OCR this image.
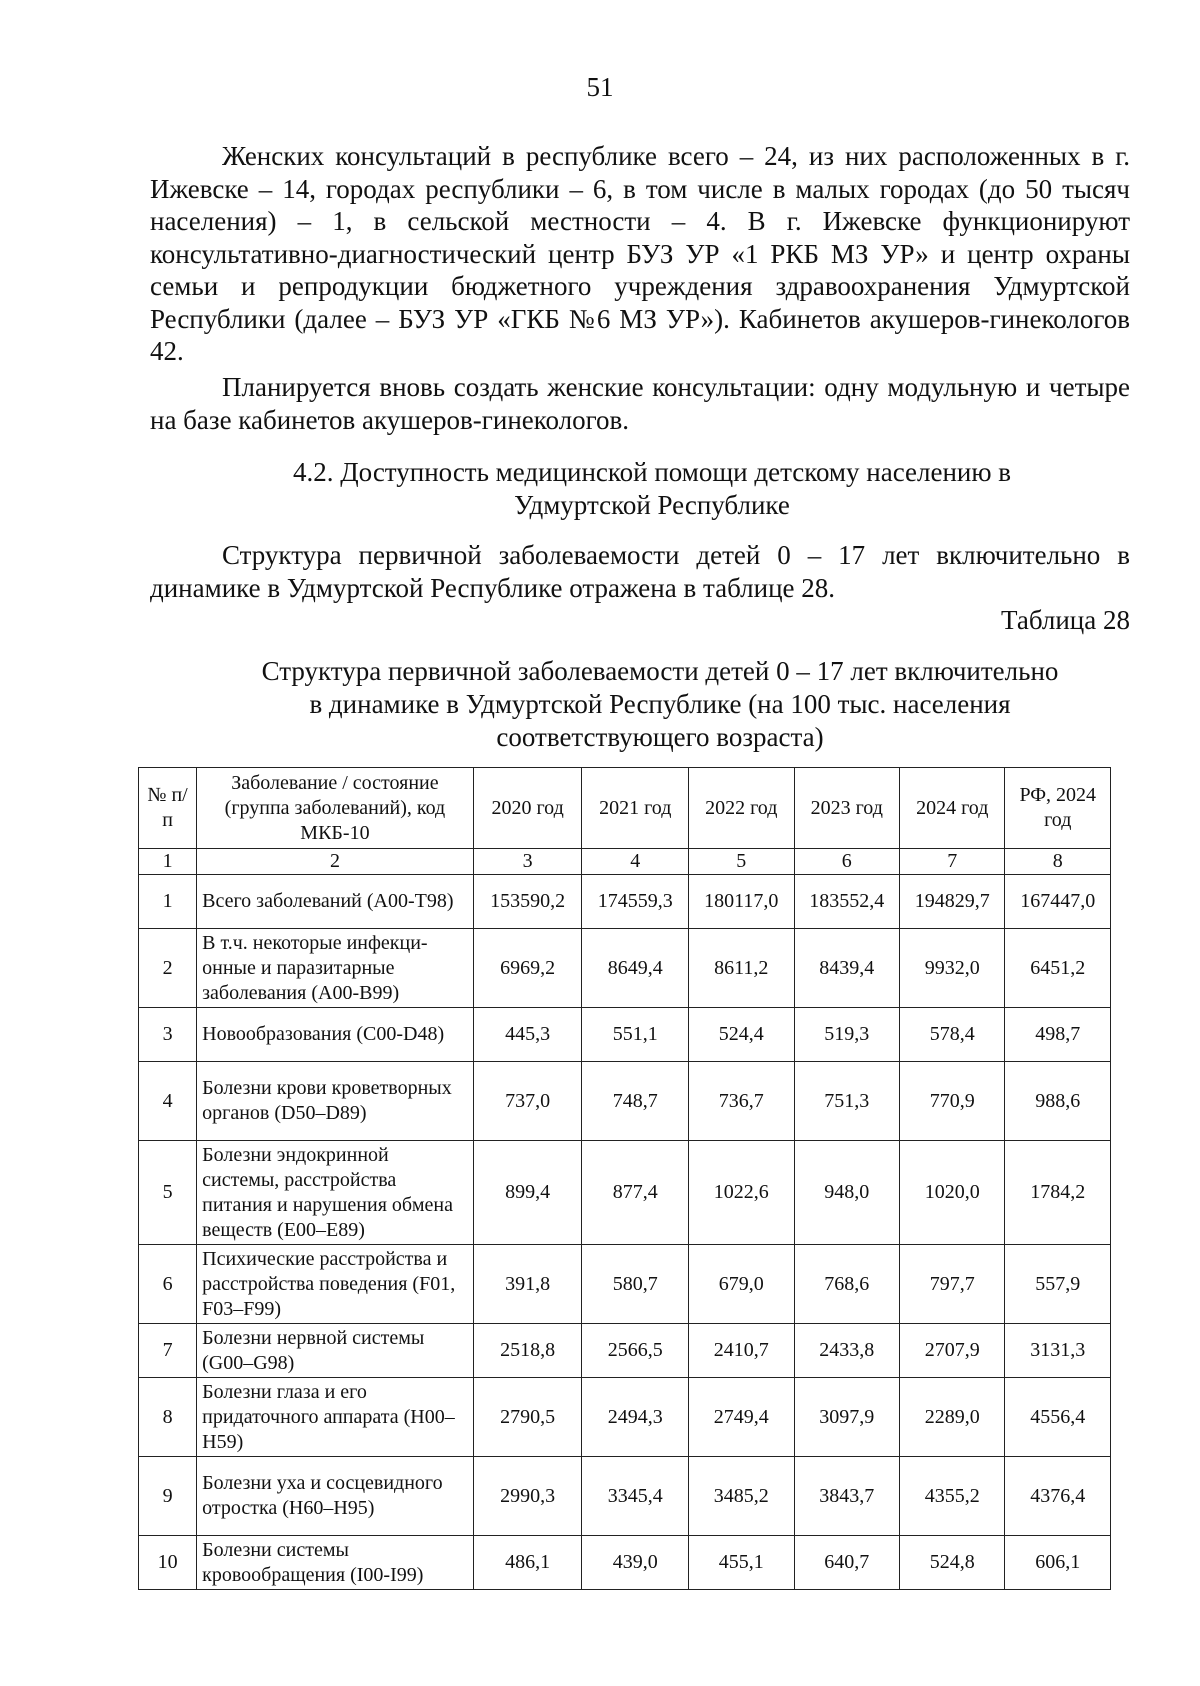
51

Женских консультаций в республике всего – 24, из них расположенных в г. Ижевске – 14, городах республики – 6, в том числе в малых городах (до 50 тысяч населения) – 1, в сельской местности – 4. В г. Ижевске функционируют консультативно-диагностический центр БУЗ УР «1 РКБ МЗ УР» и центр охраны семьи и репродукции бюджетного учреждения здравоохранения Удмуртской Республики (далее – БУЗ УР «ГКБ №6 МЗ УР»). Кабинетов акушеров-гинекологов 42.

Планируется вновь создать женские консультации: одну модульную и четыре на базе кабинетов акушеров-гинекологов.

4.2. Доступность медицинской помощи детскому населению в
Удмуртской Республике

Структура первичной заболеваемости детей 0 – 17 лет включительно в динамике в Удмуртской Республике отражена в таблице 28.

Таблица 28
Структура первичной заболеваемости детей 0 – 17 лет включительно
в динамике в Удмуртской Республике (на 100 тыс. населения
соответствующего возраста)
№ п/п	Заболевание / состояние (группа заболеваний), код МКБ-10	2020 год	2021 год	2022 год	2023 год	2024 год	РФ, 2024 год
1	2	3	4	5	6	7	8
1	Всего заболеваний (A00-T98)	153590,2	174559,3	180117,0	183552,4	194829,7	167447,0
2	В т.ч. некоторые инфекци-онные и паразитарные заболевания (A00-B99)	6969,2	8649,4	8611,2	8439,4	9932,0	6451,2
3	Новообразования (C00-D48)	445,3	551,1	524,4	519,3	578,4	498,7
4	Болезни крови кроветворных органов (D50–D89)	737,0	748,7	736,7	751,3	770,9	988,6
5	Болезни эндокринной системы, расстройства питания и нарушения обмена веществ (E00–E89)	899,4	877,4	1022,6	948,0	1020,0	1784,2
6	Психические расстройства и расстройства поведения (F01, F03–F99)	391,8	580,7	679,0	768,6	797,7	557,9
7	Болезни нервной системы (G00–G98)	2518,8	2566,5	2410,7	2433,8	2707,9	3131,3
8	Болезни глаза и его придаточного аппарата (H00–H59)	2790,5	2494,3	2749,4	3097,9	2289,0	4556,4
9	Болезни уха и сосцевидного отростка (H60–H95)	2990,3	3345,4	3485,2	3843,7	4355,2	4376,4
10	Болезни системы кровообращения (I00-I99)	486,1	439,0	455,1	640,7	524,8	606,1
